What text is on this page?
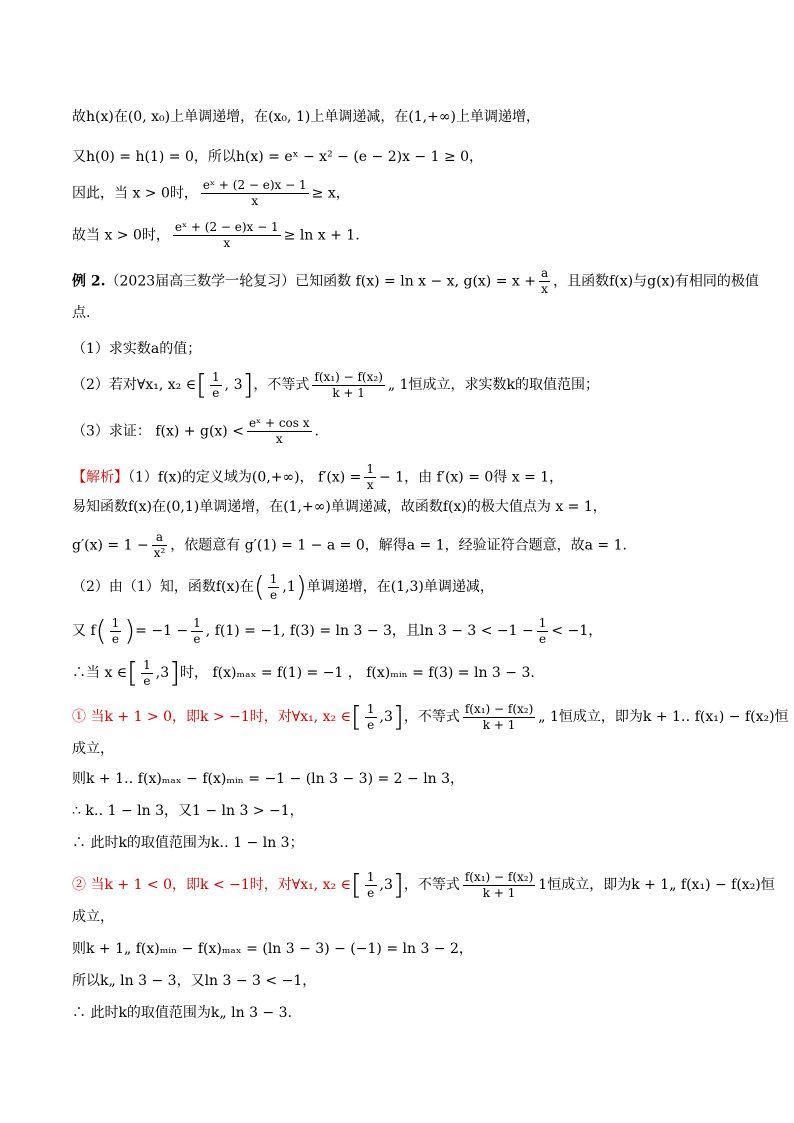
故h(x)在(0, x₀)上单调递增，在(x₀, 1)上单调递减，在(1,+∞)上单调递增，
又h(0) = h(1) = 0，所以h(x) = eˣ − x² − (e − 2)x − 1 ≥ 0，
因此，当 x > 0时， $\frac{\text{eˣ + (2 − e)x − 1}}{x} \ge x$，
故当 x > 0时， $\frac{\text{eˣ + (2 − e)x − 1}}{x} \ge \ln x + 1$.
例 2.（2023届高三数学一轮复习）已知函数 f(x) = ln x − x, $g(x) = x + \frac{a}{x}$ ，且函数f(x)与g(x)有相同的极值
点.
（1）求实数a的值；
（2）若对∀x₁, x₂ ∈[ $\frac{1}{e}$ , 3]，不等式 $\frac{\text{f(x₁) − f(x₂)}}{k + 1}$ „ 1恒成立，求实数k的取值范围；
（3）求证： $f(x) + g(x) < \frac{\text{eˣ + cos x}}{x}$ .
【解析】（1）f(x)的定义域为(0,+∞)， $f'(x) = \frac{1}{x} - 1$，由 f′(x) = 0得 x = 1，
易知函数f(x)在(0,1)单调递增，在(1,+∞)单调递减，故函数f(x)的极大值点为 x = 1，
$g'(x) = 1 - \frac{a}{\text{x²}}$ ，依题意有 g′(1) = 1 − a = 0，解得a = 1，经验证符合题意，故a = 1.
（2）由（1）知，函数f(x)在( $\frac{1}{e} ,1$)单调递增，在(1,3)单调递减，
又 $f( \frac{1}{e}$ )= $-1 - \frac{1}{e}$ , f(1) = −1, f(3) = ln 3 − 3，且$\ln 3 - 3 < -1 - \frac{1}{e} < -1$，
∴当 x ∈[ $\frac{1}{e} ,3$]时， f(x)ₘₐₓ = f(1) = −1 ， f(x)ₘᵢₙ = f(3) = ln 3 − 3.
① 当k + 1 > 0，即k > −1时，对∀x₁, x₂ ∈[ $\frac{1}{e} ,3$]，不等式 $\frac{\text{f(x₁) − f(x₂)}}{k + 1}$ „ 1恒成立，即为k + 1‥ f(x₁) − f(x₂)恒
成立，
则k + 1‥ f(x)ₘₐₓ − f(x)ₘᵢₙ = −1 − (ln 3 − 3) = 2 − ln 3，
∴ k‥ 1 − ln 3，又1 − ln 3 > −1，
∴ 此时k的取值范围为k‥ 1 − ln 3；
② 当k + 1 < 0，即k < −1时，对∀x₁, x₂ ∈[ $\frac{1}{e} ,3$]，不等式 $\frac{\text{f(x₁) − f(x₂)}}{k + 1} 1$恒成立，即为k + 1„ f(x₁) − f(x₂)恒
成立，
则k + 1„ f(x)ₘᵢₙ − f(x)ₘₐₓ = (ln 3 − 3) − (−1) = ln 3 − 2，
所以k„ ln 3 − 3，又ln 3 − 3 < −1，
∴ 此时k的取值范围为k„ ln 3 − 3.
